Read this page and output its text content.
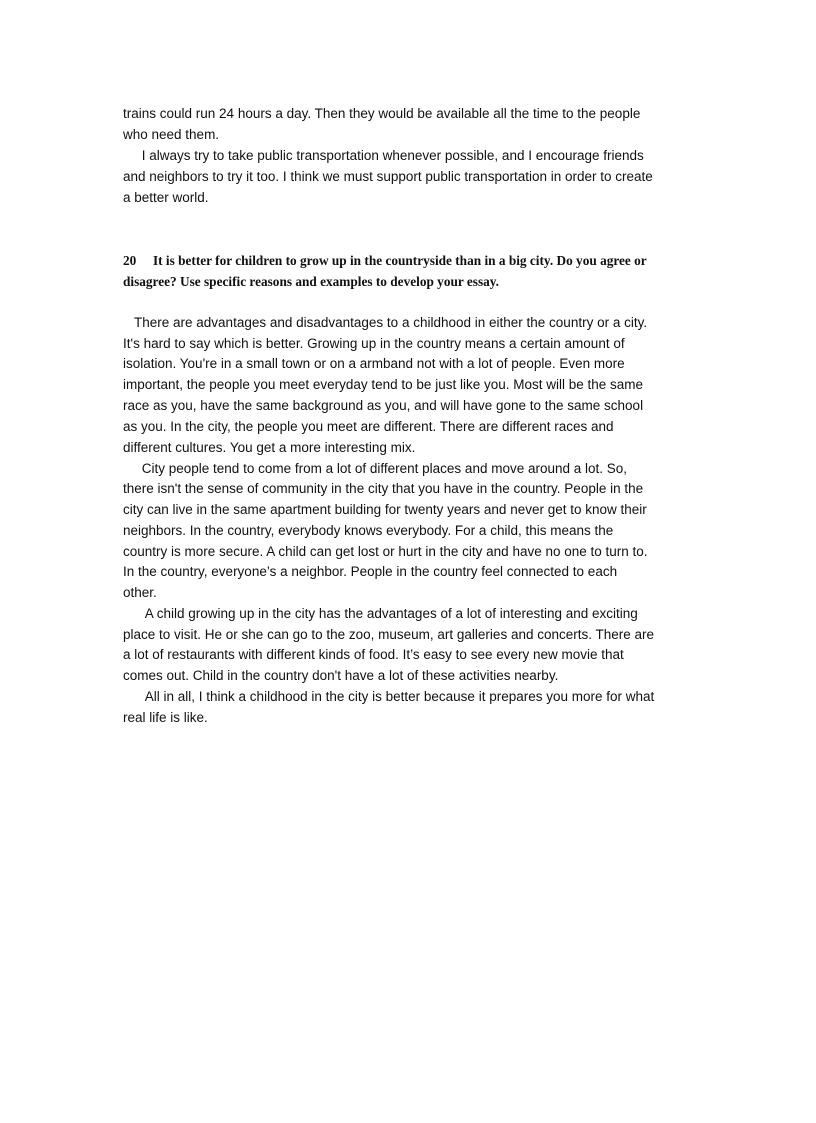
trains could run 24 hours a day. Then they would be available all the time to the people
who need them.
I always try to take public transportation whenever possible, and I encourage friends
and neighbors to try it too. I think we must support public transportation in order to create
a better world.
20 It is better for children to grow up in the countryside than in a big city. Do you agree or
disagree? Use specific reasons and examples to develop your essay.
There are advantages and disadvantages to a childhood in either the country or a city.
It's hard to say which is better. Growing up in the country means a certain amount of
isolation. You're in a small town or on a armband not with a lot of people. Even more
important, the people you meet everyday tend to be just like you. Most will be the same
race as you, have the same background as you, and will have gone to the same school
as you. In the city, the people you meet are different. There are different races and
different cultures. You get a more interesting mix.
City people tend to come from a lot of different places and move around a lot. So,
there isn't the sense of community in the city that you have in the country. People in the
city can live in the same apartment building for twenty years and never get to know their
neighbors. In the country, everybody knows everybody. For a child, this means the
country is more secure. A child can get lost or hurt in the city and have no one to turn to.
In the country, everyone’s a neighbor. People in the country feel connected to each
other.
A child growing up in the city has the advantages of a lot of interesting and exciting
place to visit. He or she can go to the zoo, museum, art galleries and concerts. There are
a lot of restaurants with different kinds of food. It’s easy to see every new movie that
comes out. Child in the country don't have a lot of these activities nearby.
All in all, I think a childhood in the city is better because it prepares you more for what
real life is like.
